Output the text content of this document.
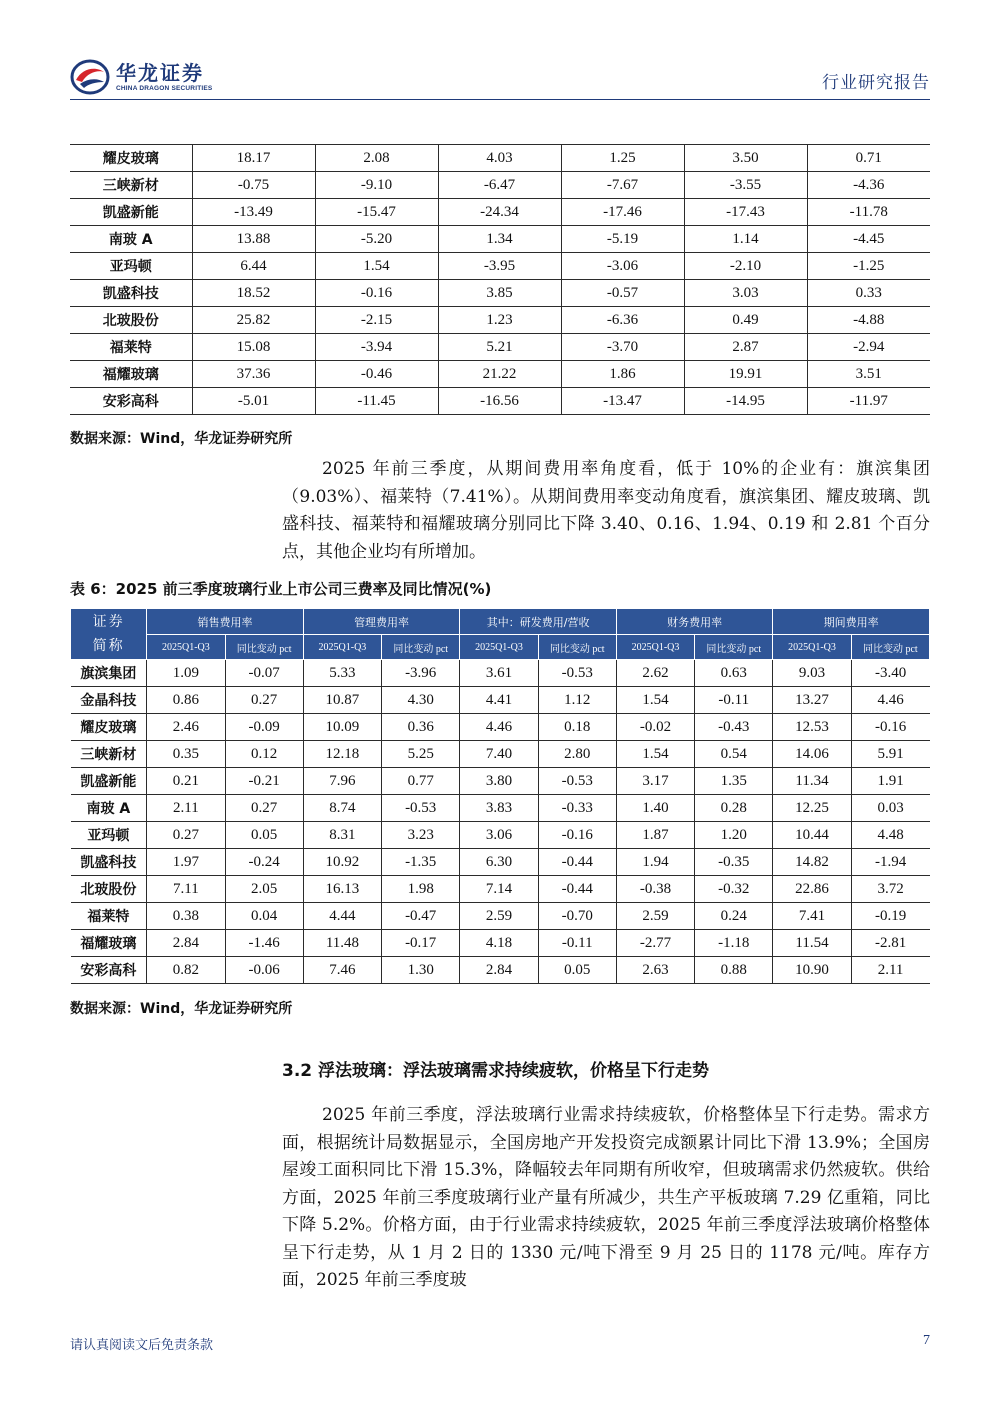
华龙证券
CHINA DRAGON SECURITIES	行业研究报告
耀皮玻璃	18.17	2.08	4.03	1.25	3.50	0.71
三峡新材	-0.75	-9.10	-6.47	-7.67	-3.55	-4.36
凯盛新能	-13.49	-15.47	-24.34	-17.46	-17.43	-11.78
南玻 A	13.88	-5.20	1.34	-5.19	1.14	-4.45
亚玛顿	6.44	1.54	-3.95	-3.06	-2.10	-1.25
凯盛科技	18.52	-0.16	3.85	-0.57	3.03	0.33
北玻股份	25.82	-2.15	1.23	-6.36	0.49	-4.88
福莱特	15.08	-3.94	5.21	-3.70	2.87	-2.94
福耀玻璃	37.36	-0.46	21.22	1.86	19.91	3.51
安彩高科	-5.01	-11.45	-16.56	-13.47	-14.95	-11.97
数据来源：Wind，华龙证券研究所
2025 年前三季度，从期间费用率角度看，低于 10%的企业有：旗滨集团（9.03%）、福莱特（7.41%）。从期间费用率变动角度看，旗滨集团、耀皮玻璃、凯盛科技、福莱特和福耀玻璃分别同比下降 3.40、0.16、1.94、0.19 和 2.81 个百分点，其他企业均有所增加。
表 6：2025 前三季度玻璃行业上市公司三费率及同比情况(%)
证券
简称	销售费用率		管理费用率		其中：研发费用/营收		财务费用率		期间费用率	
	2025Q1-Q3	同比变动 pct	2025Q1-Q3	同比变动 pct	2025Q1-Q3	同比变动 pct	2025Q1-Q3	同比变动 pct	2025Q1-Q3	同比变动 pct
旗滨集团	1.09	-0.07	5.33	-3.96	3.61	-0.53	2.62	0.63	9.03	-3.40
金晶科技	0.86	0.27	10.87	4.30	4.41	1.12	1.54	-0.11	13.27	4.46
耀皮玻璃	2.46	-0.09	10.09	0.36	4.46	0.18	-0.02	-0.43	12.53	-0.16
三峡新材	0.35	0.12	12.18	5.25	7.40	2.80	1.54	0.54	14.06	5.91
凯盛新能	0.21	-0.21	7.96	0.77	3.80	-0.53	3.17	1.35	11.34	1.91
南玻 A	2.11	0.27	8.74	-0.53	3.83	-0.33	1.40	0.28	12.25	0.03
亚玛顿	0.27	0.05	8.31	3.23	3.06	-0.16	1.87	1.20	10.44	4.48
凯盛科技	1.97	-0.24	10.92	-1.35	6.30	-0.44	1.94	-0.35	14.82	-1.94
北玻股份	7.11	2.05	16.13	1.98	7.14	-0.44	-0.38	-0.32	22.86	3.72
福莱特	0.38	0.04	4.44	-0.47	2.59	-0.70	2.59	0.24	7.41	-0.19
福耀玻璃	2.84	-1.46	11.48	-0.17	4.18	-0.11	-2.77	-1.18	11.54	-2.81
安彩高科	0.82	-0.06	7.46	1.30	2.84	0.05	2.63	0.88	10.90	2.11
数据来源：Wind，华龙证券研究所
3.2 浮法玻璃：浮法玻璃需求持续疲软，价格呈下行走势
2025 年前三季度，浮法玻璃行业需求持续疲软，价格整体呈下行走势。需求方面，根据统计局数据显示，全国房地产开发投资完成额累计同比下滑 13.9%；全国房屋竣工面积同比下滑 15.3%，降幅较去年同期有所收窄，但玻璃需求仍然疲软。供给方面，2025 年前三季度玻璃行业产量有所减少，共生产平板玻璃 7.29 亿重箱，同比下降 5.2%。价格方面，由于行业需求持续疲软，2025 年前三季度浮法玻璃价格整体呈下行走势，从 1 月 2 日的 1330 元/吨下滑至 9 月 25 日的 1178 元/吨。库存方面，2025 年前三季度玻
请认真阅读文后免责条款	7
